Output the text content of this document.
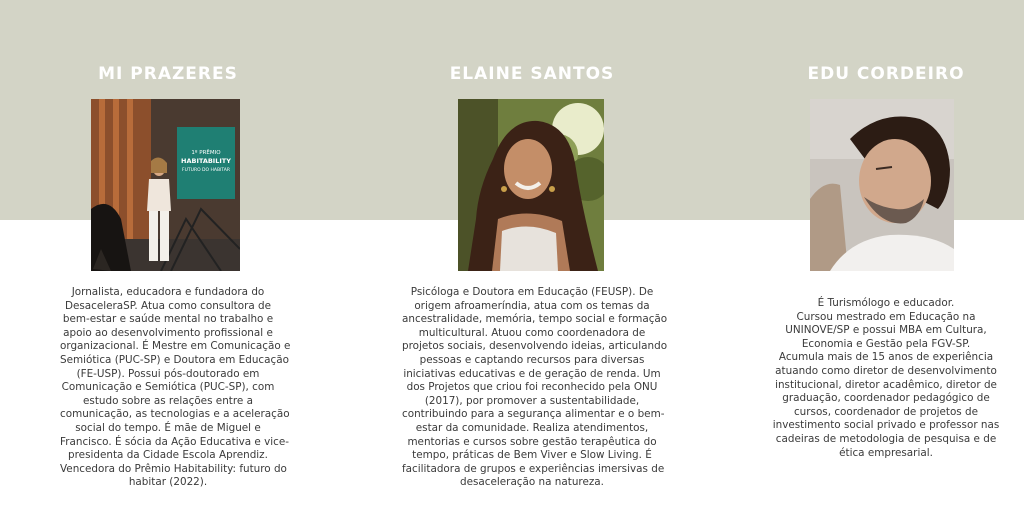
MI PRAZERES
1º PRÊMIO
HABITABILITY
FUTURO DO HABITAR
Jornalista, educadora e fundadora do
DesaceleraSP. Atua como consultora de
bem-estar e saúde mental no trabalho e
apoio ao desenvolvimento profissional e
organizacional. É Mestre em Comunicação e
Semiótica (PUC-SP) e Doutora em Educação
(FE-USP). Possui pós-doutorado em
Comunicação e Semiótica (PUC-SP), com
estudo sobre as relações entre a
comunicação, as tecnologias e a aceleração
social do tempo. É mãe de Miguel e
Francisco. É sócia da Ação Educativa e vice-
presidenta da Cidade Escola Aprendiz.
Vencedora do Prêmio Habitability: futuro do
habitar (2022).
ELAINE SANTOS
Psicóloga e Doutora em Educação (FEUSP). De
origem afroameríndia, atua com os temas da
ancestralidade, memória, tempo social e formação
multicultural. Atuou como coordenadora de
projetos sociais, desenvolvendo ideias, articulando
pessoas e captando recursos para diversas
iniciativas educativas e de geração de renda. Um
dos Projetos que criou foi reconhecido pela ONU
(2017), por promover a sustentabilidade,
contribuindo para a segurança alimentar e o bem-
estar da comunidade. Realiza atendimentos,
mentorias e cursos sobre gestão terapêutica do
tempo, práticas de Bem Viver e Slow Living. É
facilitadora de grupos e experiências imersivas de
desaceleração na natureza.
EDU CORDEIRO
É Turismólogo e educador.
Cursou mestrado em Educação na
UNINOVE/SP e possui MBA em Cultura,
Economia e Gestão pela FGV-SP.
Acumula mais de 15 anos de experiência
atuando como diretor de desenvolvimento
institucional, diretor acadêmico, diretor de
graduação, coordenador pedagógico de
cursos, coordenador de projetos de
investimento social privado e professor nas
cadeiras de metodologia de pesquisa e de
ética empresarial.
